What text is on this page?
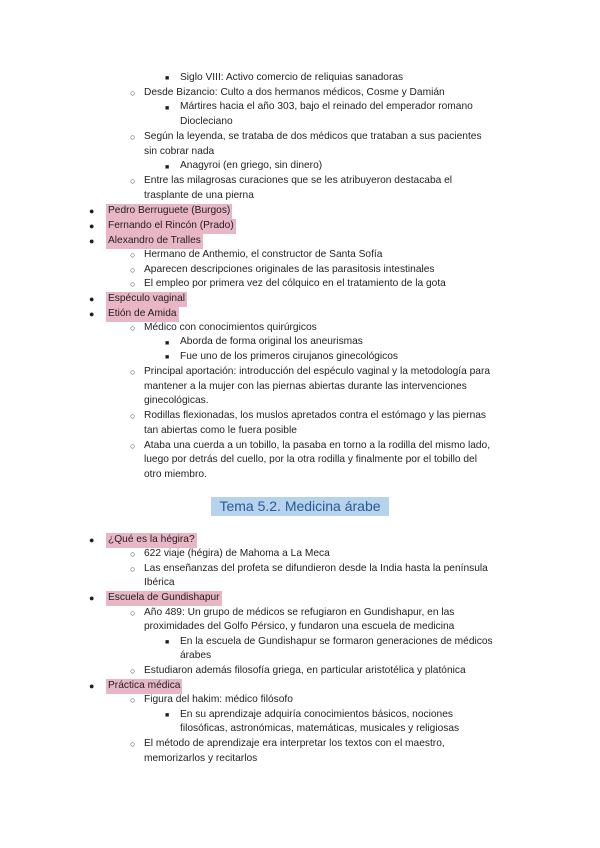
■ Siglo VIII: Activo comercio de reliquias sanadoras
○ Desde Bizancio: Culto a dos hermanos médicos, Cosme y Damián
■ Mártires hacia el año 303, bajo el reinado del emperador romano
Diocleciano
○ Según la leyenda, se trataba de dos médicos que trataban a sus pacientes
sin cobrar nada
■ Anagyroi (en griego, sin dinero)
○ Entre las milagrosas curaciones que se les atribuyeron destacaba el
trasplante de una pierna
● Pedro Berruguete (Burgos)
● Fernando el Rincón (Prado)
● Alexandro de Tralles
○ Hermano de Anthemio, el constructor de Santa Sofía
○ Aparecen descripciones originales de las parasitosis intestinales
○ El empleo por primera vez del cólquico en el tratamiento de la gota
● Espéculo vaginal
● Etión de Amida
○ Médico con conocimientos quirúrgicos
■ Aborda de forma original los aneurismas
■ Fue uno de los primeros cirujanos ginecológicos
○ Principal aportación: introducción del espéculo vaginal y la metodología para
mantener a la mujer con las piernas abiertas durante las intervenciones
ginecológicas.
○ Rodillas flexionadas, los muslos apretados contra el estómago y las piernas
tan abiertas como le fuera posible
○ Ataba una cuerda a un tobillo, la pasaba en torno a la rodilla del mismo lado,
luego por detrás del cuello, por la otra rodilla y finalmente por el tobillo del
otro miembro.
Tema 5.2. Medicina árabe
● ¿Qué es la hégira?
○ 622 viaje (hégira) de Mahoma a La Meca
○ Las enseñanzas del profeta se difundieron desde la India hasta la península
Ibérica
● Escuela de Gundishapur
○ Año 489: Un grupo de médicos se refugiaron en Gundishapur, en las
proximidades del Golfo Pérsico, y fundaron una escuela de medicina
■ En la escuela de Gundishapur se formaron generaciones de médicos
árabes
○ Estudiaron además filosofía griega, en particular aristotélica y platónica
● Práctica médica
○ Figura del hakim: médico filósofo
■ En su aprendizaje adquiría conocimientos básicos, nociones
filosóficas, astronómicas, matemáticas, musicales y religiosas
○ El método de aprendizaje era interpretar los textos con el maestro,
memorizarlos y recitarlos
